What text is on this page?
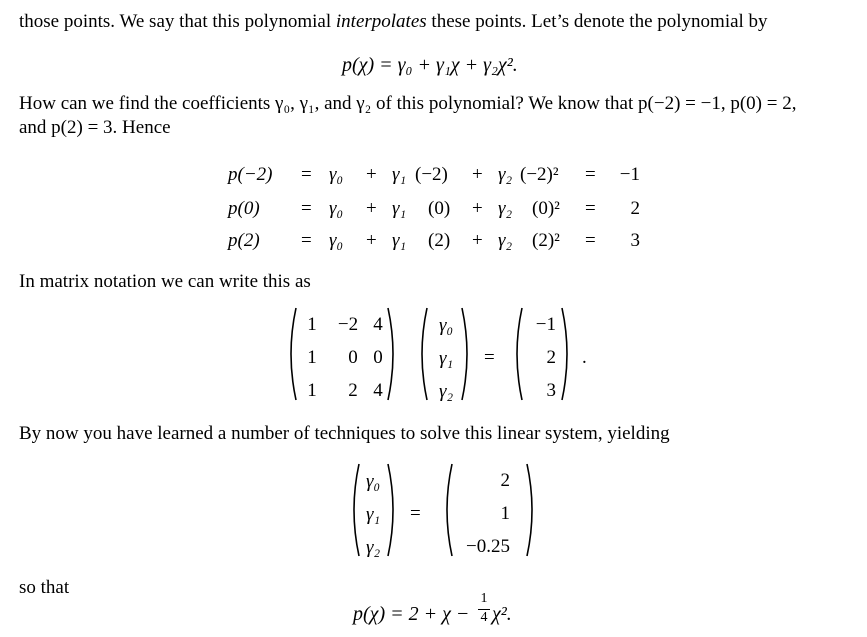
those points. We say that this polynomial interpolates these points. Let’s denote the polynomial by
p(χ) = γ₀ + γ₁χ + γ₂χ².
How can we find the coefficients γ₀, γ₁, and γ₂ of this polynomial? We know that p(−2) = −1, p(0) = 2,
and p(2) = 3. Hence
p(−2) = γ₀ + γ₁ (−2) + γ₂ (−2)² =	−1
p(0) = γ₀ + γ₁ (0) + γ₂ (0)² =	2
p(2) = γ₀ + γ₁ (2) + γ₂ (2)² =	3
In matrix notation we can write this as
1 −2 4
1 0 0
1 2 4
γ₀
γ₁
γ₂
=
−1
2
3
.
By now you have learned a number of techniques to solve this linear system, yielding
γ₀
γ₁
γ₂
=
2
1
−0.25
so that
p(χ) = 2 + χ −
1
4 χ².
